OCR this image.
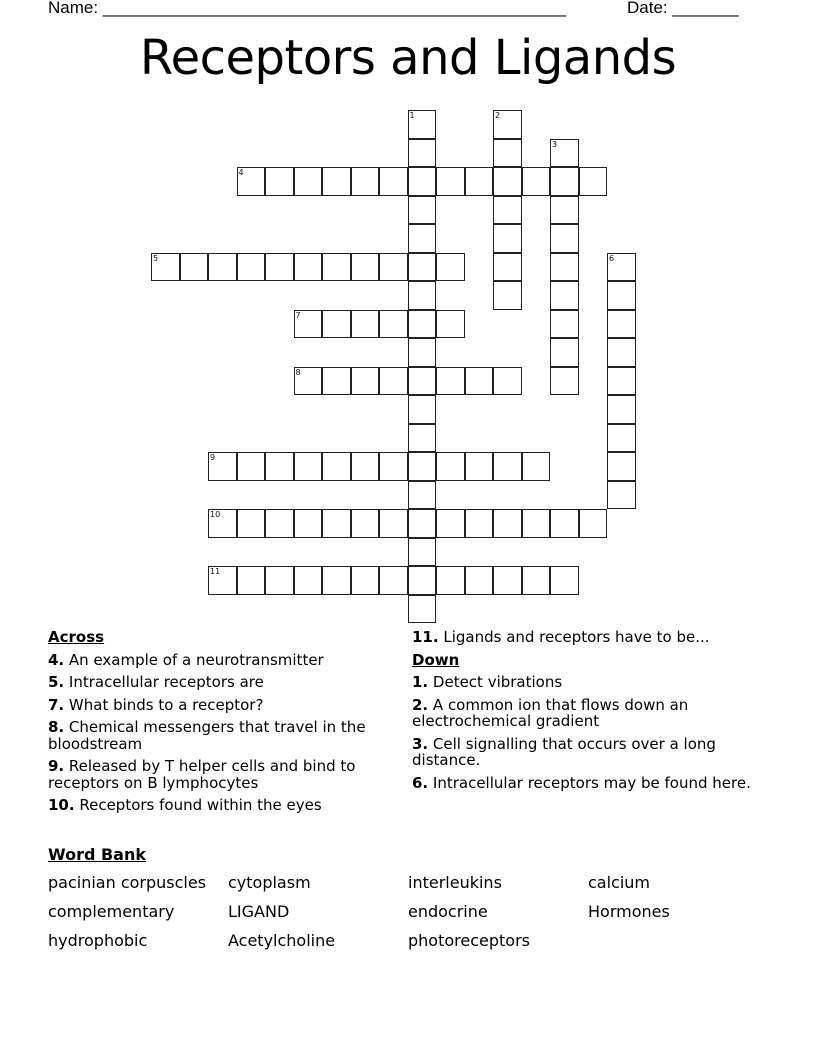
Name: _________________________________________________	Date: _______
Receptors and Ligands
1	2
3
4
5	6
7
8
9
10
11
Across
4. An example of a neurotransmitter
5. Intracellular receptors are
7. What binds to a receptor?
8. Chemical messengers that travel in the bloodstream
9. Released by T helper cells and bind to receptors on B lymphocytes
10. Receptors found within the eyes
11. Ligands and receptors have to be...
Down
1. Detect vibrations
2. A common ion that flows down an electrochemical gradient
3. Cell signalling that occurs over a long distance.
6. Intracellular receptors may be found here.
Word Bank
pacinian corpuscles	cytoplasm	interleukins	calcium
complementary	LIGAND	endocrine	Hormones
hydrophobic	Acetylcholine	photoreceptors
